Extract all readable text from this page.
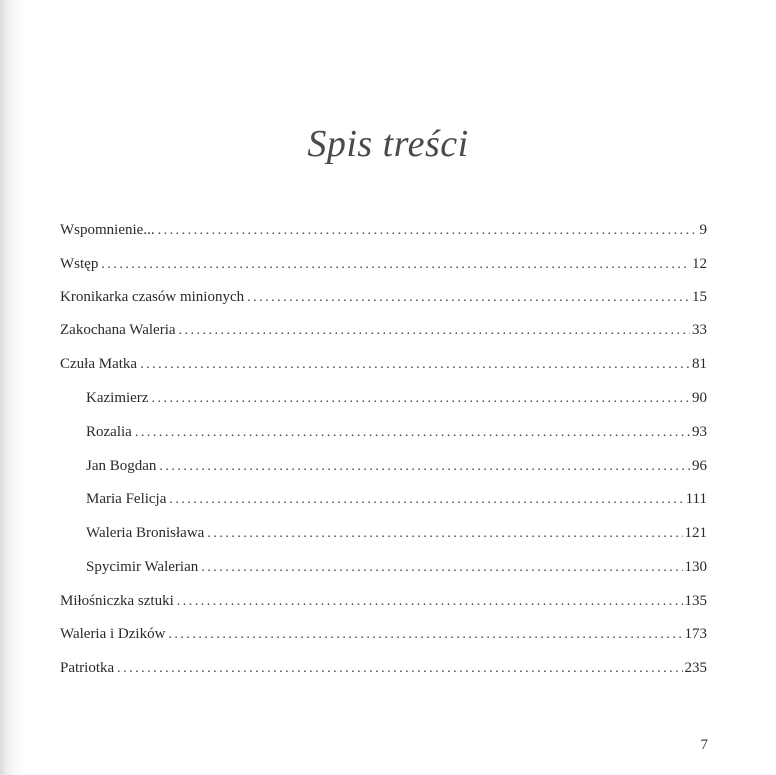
Spis treści
Wspomnienie... . . .	9
Wstęp . . .	12
Kronikarka czasów minionych . . .	15
Zakochana Waleria . . .	33
Czuła Matka . . .	81
Kazimierz . . .	90
Rozalia . . .	93
Jan Bogdan . . .	96
Maria Felicja . . .	111
Waleria Bronisława . . .	121
Spycimir Walerian . . .	130
Miłośniczka sztuki . . .	135
Waleria i Dzików . . .	173
Patriotka . . .	235
7
